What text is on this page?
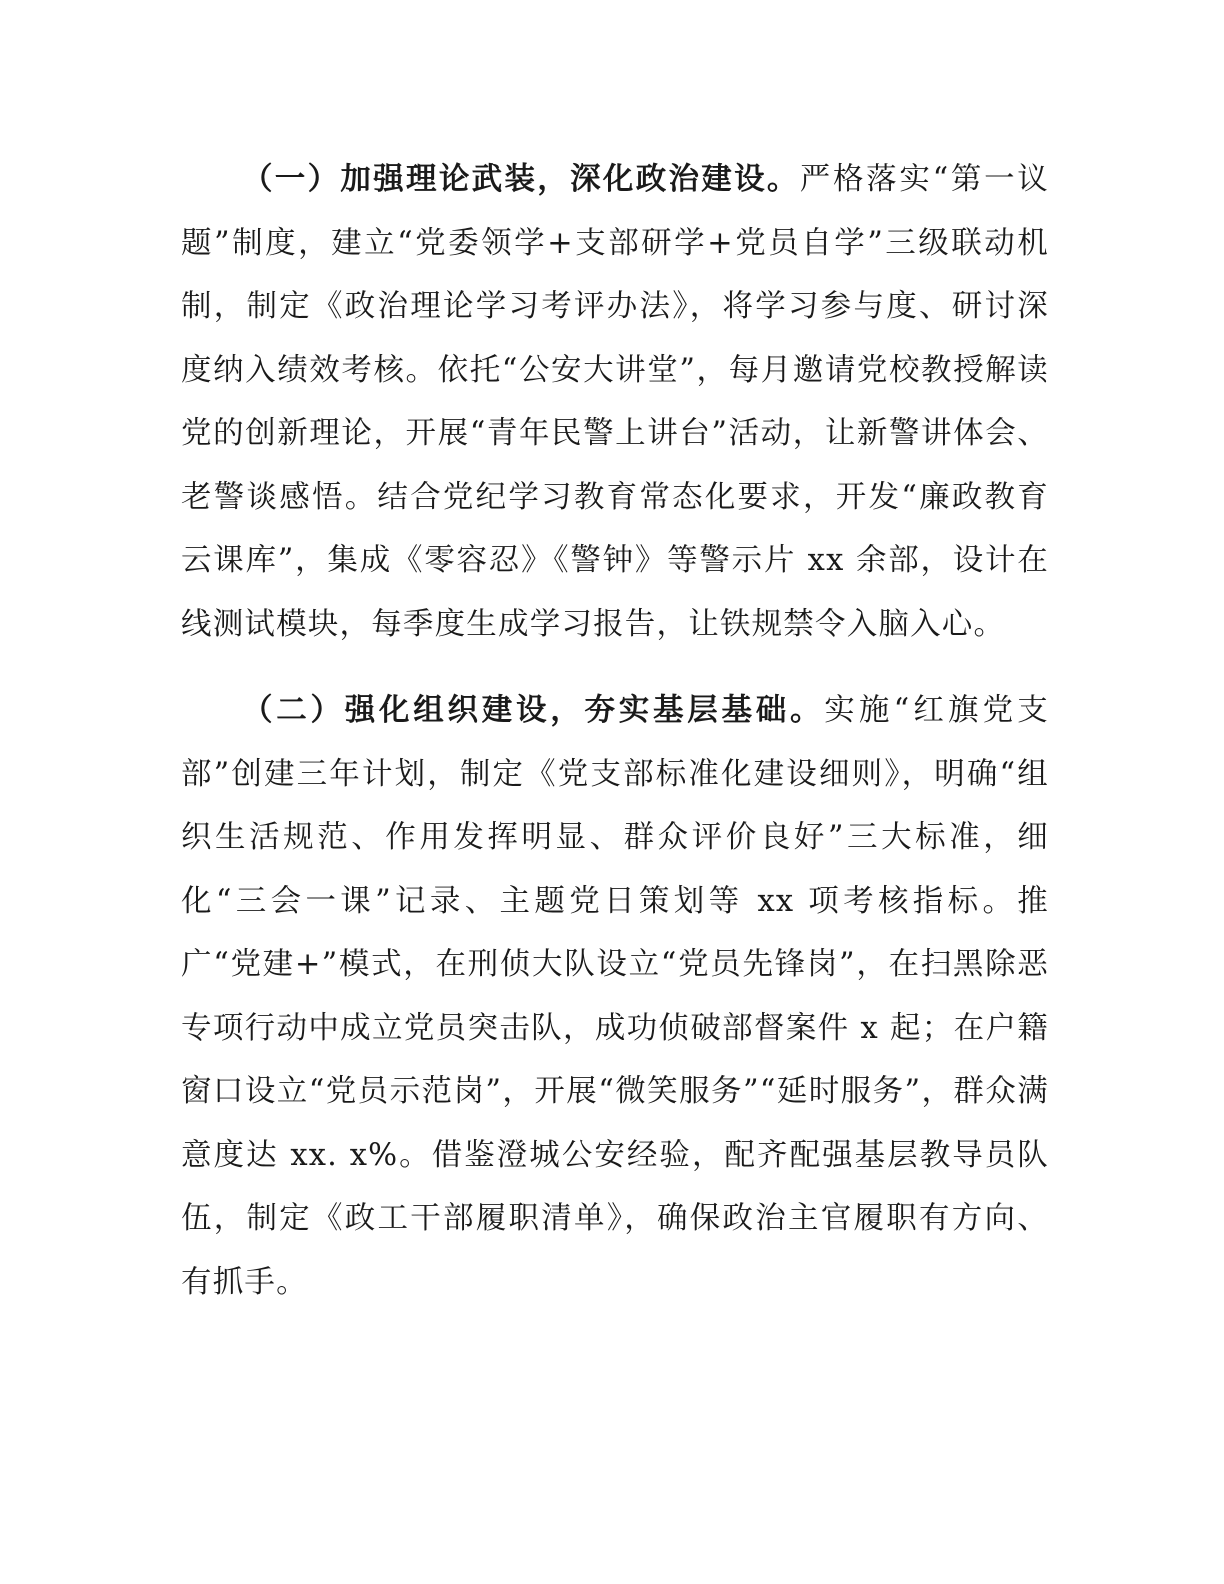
（一）加强理论武装，深化政治建设。严格落实“第一议题”制度，建立“党委领学+支部研学+党员自学”三级联动机制，制定《政治理论学习考评办法》，将学习参与度、研讨深度纳入绩效考核。依托“公安大讲堂”，每月邀请党校教授解读党的创新理论，开展“青年民警上讲台”活动，让新警讲体会、老警谈感悟。结合党纪学习教育常态化要求，开发“廉政教育云课库”，集成《零容忍》《警钟》等警示片 xx 余部，设计在线测试模块，每季度生成学习报告，让铁规禁令入脑入心。

（二）强化组织建设，夯实基层基础。实施“红旗党支部”创建三年计划，制定《党支部标准化建设细则》，明确“组织生活规范、作用发挥明显、群众评价良好”三大标准，细化“三会一课”记录、主题党日策划等 xx 项考核指标。推广“党建+”模式，在刑侦大队设立“党员先锋岗”，在扫黑除恶专项行动中成立党员突击队，成功侦破部督案件 x 起；在户籍窗口设立“党员示范岗”，开展“微笑服务”“延时服务”，群众满意度达 xx. x%。借鉴澄城公安经验，配齐配强基层教导员队伍，制定《政工干部履职清单》，确保政治主官履职有方向、有抓手。
